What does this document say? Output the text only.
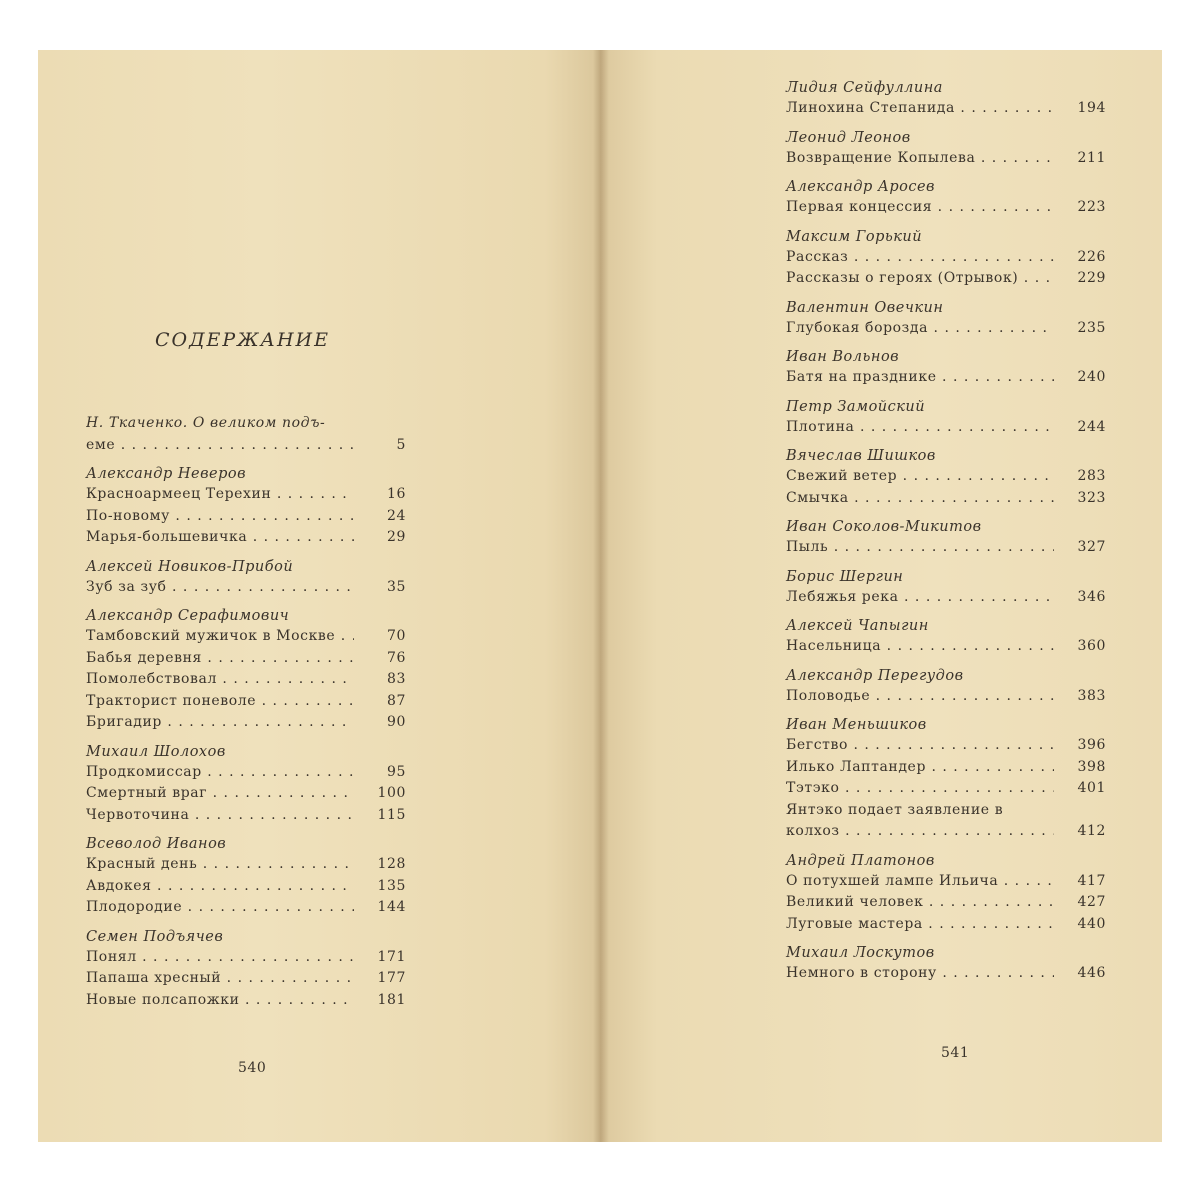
СОДЕРЖАНИЕ
Н. Ткаченко. О великом подъ-
еме . . .	5
Александр Неверов
Красноармеец Терехин . . .	16
По-новому . . .	24
Марья-большевичка . . .	29
Алексей Новиков-Прибой
Зуб за зуб . . .	35
Александр Серафимович
Тамбовский мужичок в Москве . . .	70
Бабья деревня . . .	76
Помолебствовал . . .	83
Тракторист поневоле . . .	87
Бригадир . . .	90
Михаил Шолохов
Продкомиссар . . .	95
Смертный враг . . .	100
Червоточина . . .	115
Всеволод Иванов
Красный день . . .	128
Авдокея . . .	135
Плодородие . . .	144
Семен Подъячев
Понял . . .	171
Папаша хресный . . .	177
Новые полсапожки . . .	181
540
Лидия Сейфуллина
Линохина Степанида . . .	194
Леонид Леонов
Возвращение Копылева . . .	211
Александр Аросев
Первая концессия . . .	223
Максим Горький
Рассказ . . .	226
Рассказы о героях (Отрывок) . . .	229
Валентин Овечкин
Глубокая борозда . . .	235
Иван Вольнов
Батя на празднике . . .	240
Петр Замойский
Плотина . . .	244
Вячеслав Шишков
Свежий ветер . . .	283
Смычка . . .	323
Иван Соколов-Микитов
Пыль . . .	327
Борис Шергин
Лебяжья река . . .	346
Алексей Чапыгин
Насельница . . .	360
Александр Перегудов
Половодье . . .	383
Иван Меньшиков
Бегство . . .	396
Илько Лаптандер . . .	398
Тэтэко . . .	401
Янтэко подает заявление в
колхоз . . .	412
Андрей Платонов
О потухшей лампе Ильича . . .	417
Великий человек . . .	427
Луговые мастера . . .	440
Михаил Лоскутов
Немного в сторону . . .	446
541
